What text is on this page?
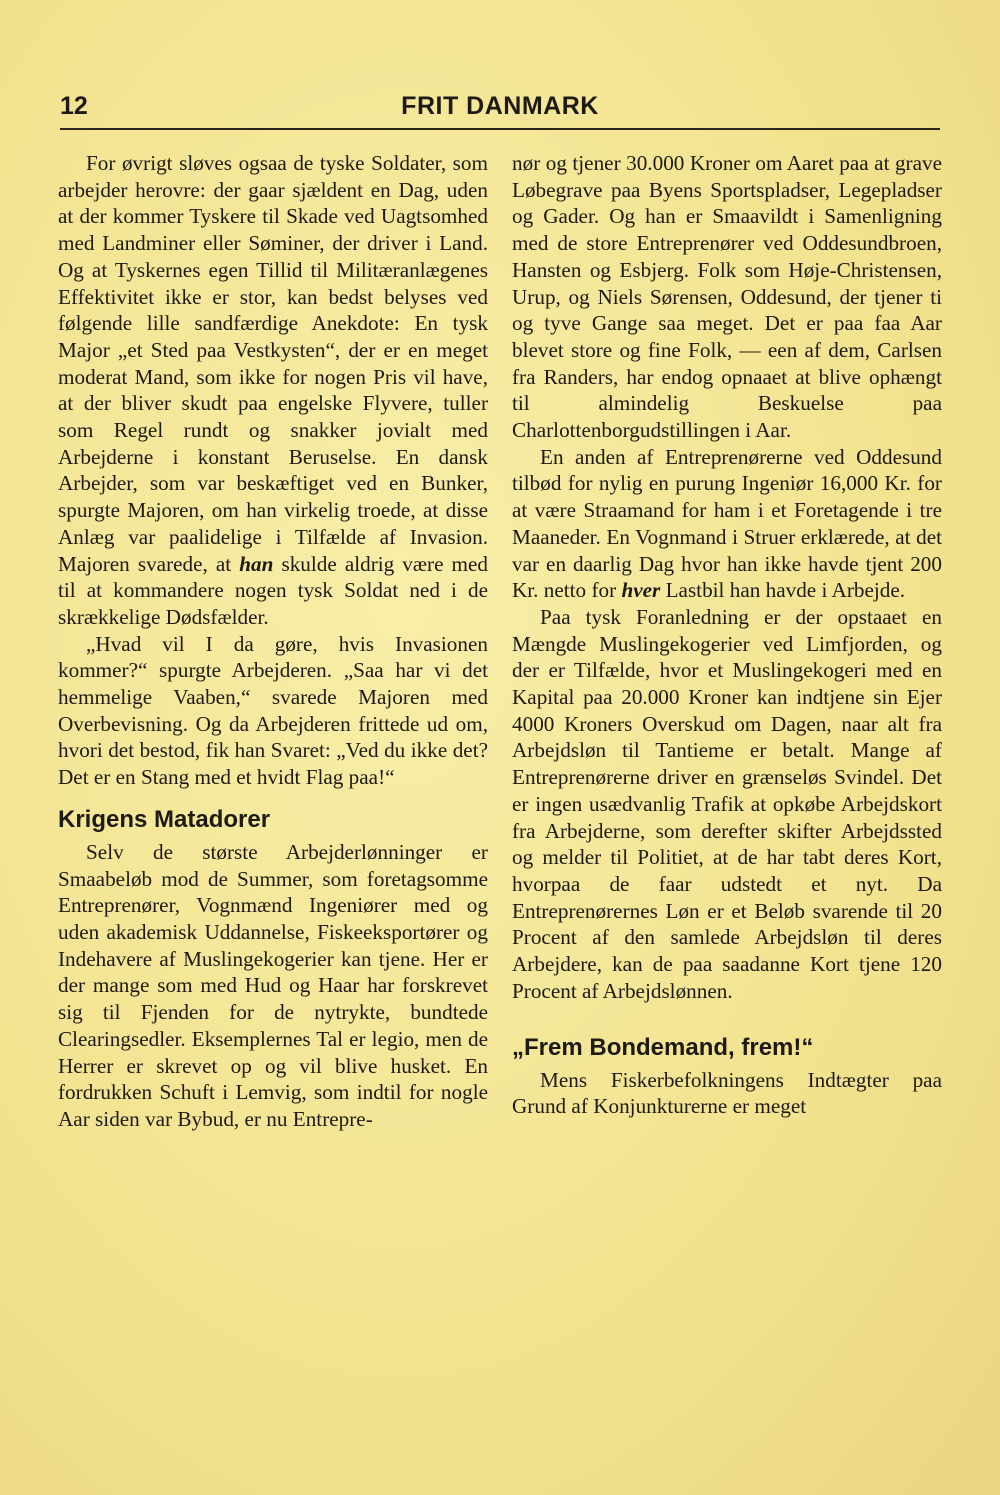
12	FRIT DANMARK

For øvrigt sløves ogsaa de tyske Soldater, som arbejder herovre: der gaar sjældent en Dag, uden at der kommer Tyskere til Skade ved Uagtsomhed med Landminer eller Søminer, der driver i Land. Og at Tyskernes egen Tillid til Militæranlægenes Effektivitet ikke er stor, kan bedst belyses ved følgende lille sandfærdige Anekdote: En tysk Major „et Sted paa Vestkysten“, der er en meget moderat Mand, som ikke for nogen Pris vil have, at der bliver skudt paa engelske Flyvere, tuller som Regel rundt og snakker jovialt med Arbejderne i konstant Beruselse. En dansk Arbejder, som var beskæftiget ved en Bunker, spurgte Majoren, om han virkelig troede, at disse Anlæg var paalidelige i Tilfælde af Invasion. Majoren svarede, at han skulde aldrig være med til at kommandere nogen tysk Soldat ned i de skrækkelige Dødsfælder.

„Hvad vil I da gøre, hvis Invasionen kommer?“ spurgte Arbejderen. „Saa har vi det hemmelige Vaaben,“ svarede Majoren med Overbevisning. Og da Arbejderen frittede ud om, hvori det bestod, fik han Svaret: „Ved du ikke det? Det er en Stang med et hvidt Flag paa!“

Krigens Matadorer

Selv de største Arbejderlønninger er Smaabeløb mod de Summer, som foretagsomme Entreprenører, Vognmænd Ingeniører med og uden akademisk Uddannelse, Fiskeeksportører og Indehavere af Muslingekogerier kan tjene. Her er der mange som med Hud og Haar har forskrevet sig til Fjenden for de nytrykte, bundtede Clearingsedler. Eksemplernes Tal er legio, men de Herrer er skrevet op og vil blive husket. En fordrukken Schuft i Lemvig, som indtil for nogle Aar siden var Bybud, er nu Entrepre-

nør og tjener 30.000 Kroner om Aaret paa at grave Løbegrave paa Byens Sportspladser, Legepladser og Gader. Og han er Smaavildt i Samenligning med de store Entreprenører ved Oddesundbroen, Hansten og Esbjerg. Folk som Høje-Christensen, Urup, og Niels Sørensen, Oddesund, der tjener ti og tyve Gange saa meget. Det er paa faa Aar blevet store og fine Folk, — een af dem, Carlsen fra Randers, har endog opnaaet at blive ophængt til almindelig Beskuelse paa Charlottenborgudstillingen i Aar.

En anden af Entreprenørerne ved Oddesund tilbød for nylig en purung Ingeniør 16,000 Kr. for at være Straamand for ham i et Foretagende i tre Maaneder. En Vognmand i Struer erklærede, at det var en daarlig Dag hvor han ikke havde tjent 200 Kr. netto for hver Lastbil han havde i Arbejde.

Paa tysk Foranledning er der opstaaet en Mængde Muslingekogerier ved Limfjorden, og der er Tilfælde, hvor et Muslingekogeri med en Kapital paa 20.000 Kroner kan indtjene sin Ejer 4000 Kroners Overskud om Dagen, naar alt fra Arbejdsløn til Tantieme er betalt. Mange af Entreprenørerne driver en grænseløs Svindel. Det er ingen usædvanlig Trafik at opkøbe Arbejdskort fra Arbejderne, som derefter skifter Arbejdssted og melder til Politiet, at de har tabt deres Kort, hvorpaa de faar udstedt et nyt. Da Entreprenørernes Løn er et Beløb svarende til 20 Procent af den samlede Arbejdsløn til deres Arbejdere, kan de paa saadanne Kort tjene 120 Procent af Arbejdslønnen.

„Frem Bondemand, frem!“

Mens Fiskerbefolkningens Indtægter paa Grund af Konjunkturerne er meget
